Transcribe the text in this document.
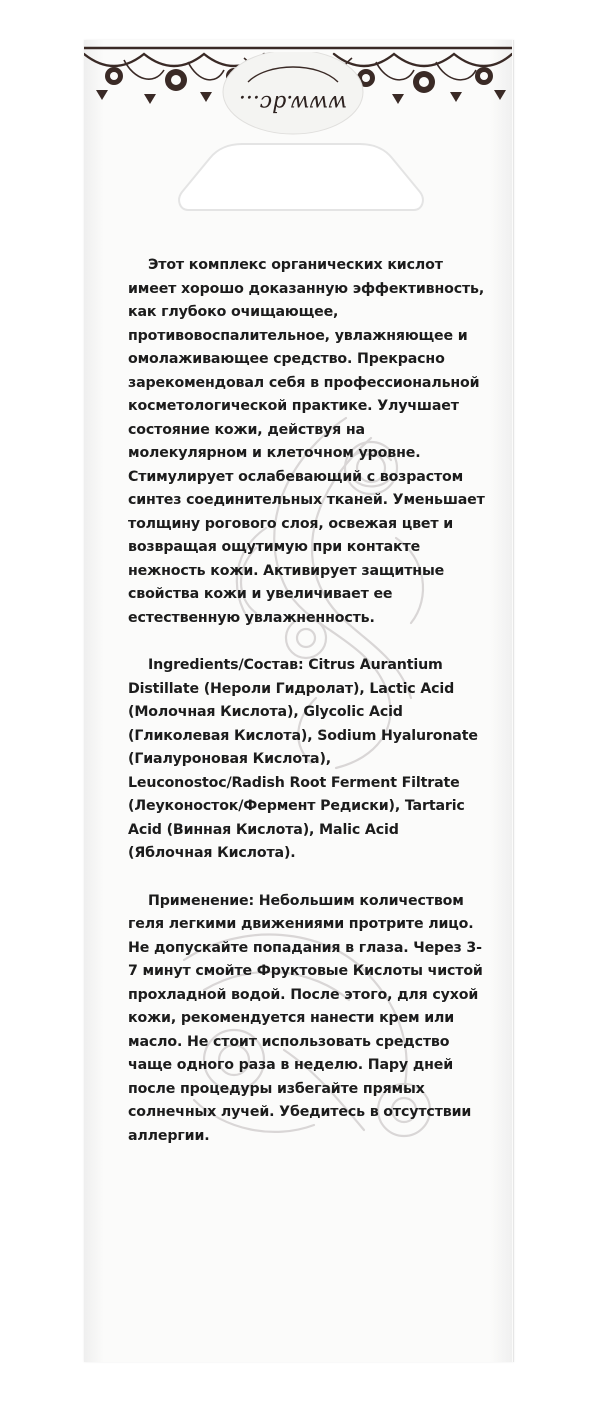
www.dc...

Этот комплекс органических кислот имеет хорошо доказанную эффективность, как глубоко очищающее, противовоспалительное, увлажняющее и омолаживающее средство. Прекрасно зарекомендовал себя в профессиональной косметологической практике. Улучшает состояние кожи, действуя на молекулярном и клеточном уровне. Стимулирует ослабевающий с возрастом синтез соединительных тканей. Уменьшает толщину рогового слоя, освежая цвет и возвращая ощутимую при контакте нежность кожи. Активирует защитные свойства кожи и увеличивает ее естественную увлажненность.

Ingredients/Состав: Citrus Aurantium Distillate (Нероли Гидролат), Lactic Acid (Молочная Кислота), Glycolic Acid (Гликолевая Кислота), Sodium Hyaluronate (Гиалуроновая Кислота), Leuconostoc/Radish Root Ferment Filtrate (Леуконосток/Фермент Редиски), Tartaric Acid (Винная Кислота), Malic Acid (Яблочная Кислота).

Применение: Небольшим количеством геля легкими движениями протрите лицо. Не допускайте попадания в глаза. Через 3-7 минут смойте Фруктовые Кислоты чистой прохладной водой. После этого, для сухой кожи, рекомендуется нанести крем или масло. Не стоит использовать средство чаще одного раза в неделю. Пару дней после процедуры избегайте прямых солнечных лучей. Убедитесь в отсутствии аллергии.
